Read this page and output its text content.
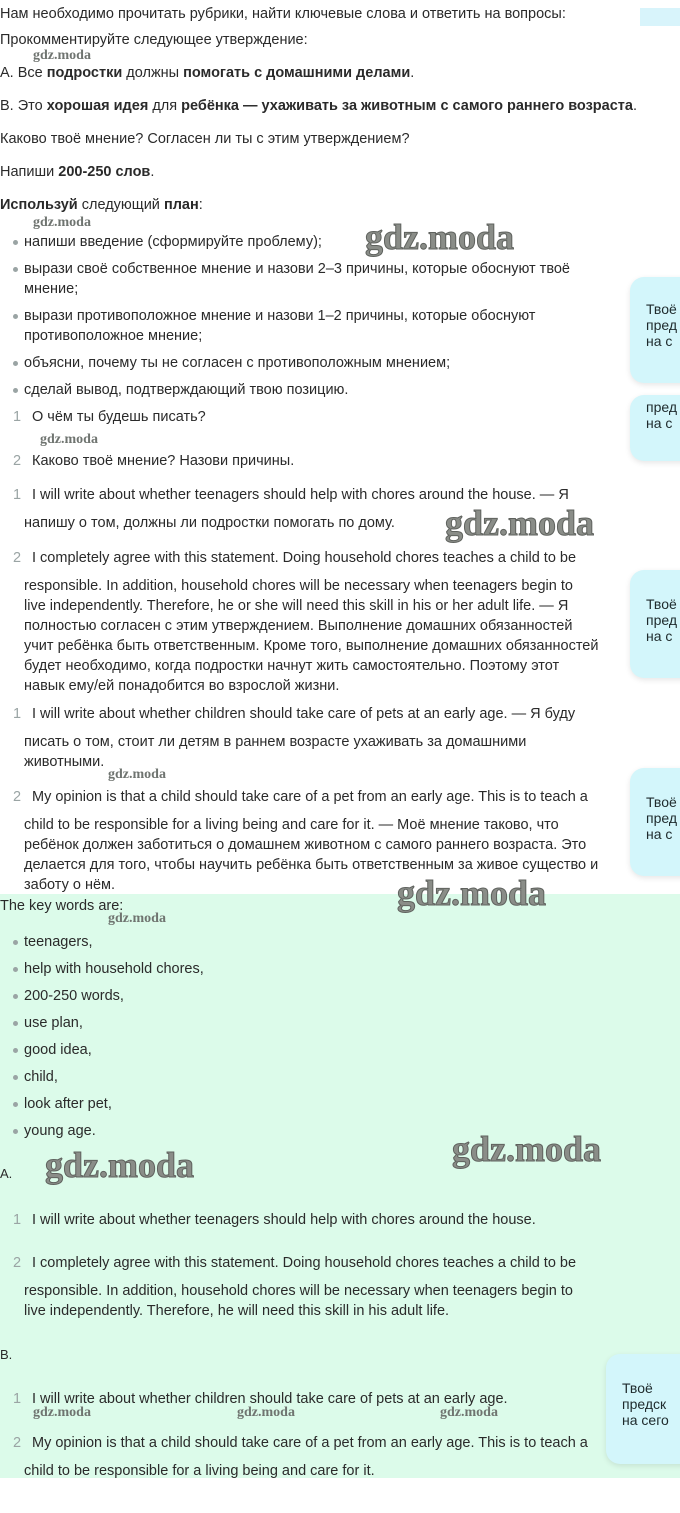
Нам необходимо прочитать рубрики, найти ключевые слова и ответить на вопросы:
Прокомментируйте следующее утверждение:
gdz.moda
A. Все подростки должны помогать с домашними делами.
B. Это хорошая идея для ребёнка — ухаживать за животным с самого раннего возраста.
Каково твоё мнение? Согласен ли ты с этим утверждением?
Напиши 200-250 слов.
Используй следующий план:
gdz.moda
напиши введение (сформируйте проблему); gdz.moda
вырази своё собственное мнение и назови 2–3 причины, которые обоснуют твоё
мнение;
вырази противоположное мнение и назови 1–2 причины, которые обоснуют
противоположное мнение;
объясни, почему ты не согласен с противоположным мнением;
сделай вывод, подтверждающий твою позицию.
1 О чём ты будешь писать?
gdz.moda
2 Каково твоё мнение? Назови причины.
1 I will write about whether teenagers should help with chores around the house. — Я
напишу о том, должны ли подростки помогать по дому. gdz.moda
2 I completely agree with this statement. Doing household chores teaches a child to be
responsible. In addition, household chores will be necessary when teenagers begin to
live independently. Therefore, he or she will need this skill in his or her adult life. — Я
полностью согласен с этим утверждением. Выполнение домашних обязанностей
учит ребёнка быть ответственным. Кроме того, выполнение домашних обязанностей
будет необходимо, когда подростки начнут жить самостоятельно. Поэтому этот
навык ему/ей понадобится во взрослой жизни.
1 I will write about whether children should take care of pets at an early age. — Я буду
писать о том, стоит ли детям в раннем возрасте ухаживать за домашними
животными.
gdz.moda
2 My opinion is that a child should take care of a pet from an early age. This is to teach a
child to be responsible for a living being and care for it. — Моё мнение таково, что
ребёнок должен заботиться о домашнем животном с самого раннего возраста. Это
делается для того, чтобы научить ребёнка быть ответственным за живое существо и
заботу о нём.	gdz.moda
The key words are:
gdz.moda
teenagers,
help with household chores,
200-250 words,
use plan,
good idea,
child,
look after pet,
young age.	gdz.moda
A. gdz.moda
1 I will write about whether teenagers should help with chores around the house.
2 I completely agree with this statement. Doing household chores teaches a child to be
responsible. In addition, household chores will be necessary when teenagers begin to
live independently. Therefore, he will need this skill in his adult life.
B.
1 I will write about whether children should take care of pets at an early age.
gdz.moda	gdz.moda	gdz.moda
2 My opinion is that a child should take care of a pet from an early age. This is to teach a
child to be responsible for a living being and care for it.
Твоё
пред
на с
пред
на с
Твоё
пред
на с
Твоё
пред
на с
Твоё
предск
на сего
